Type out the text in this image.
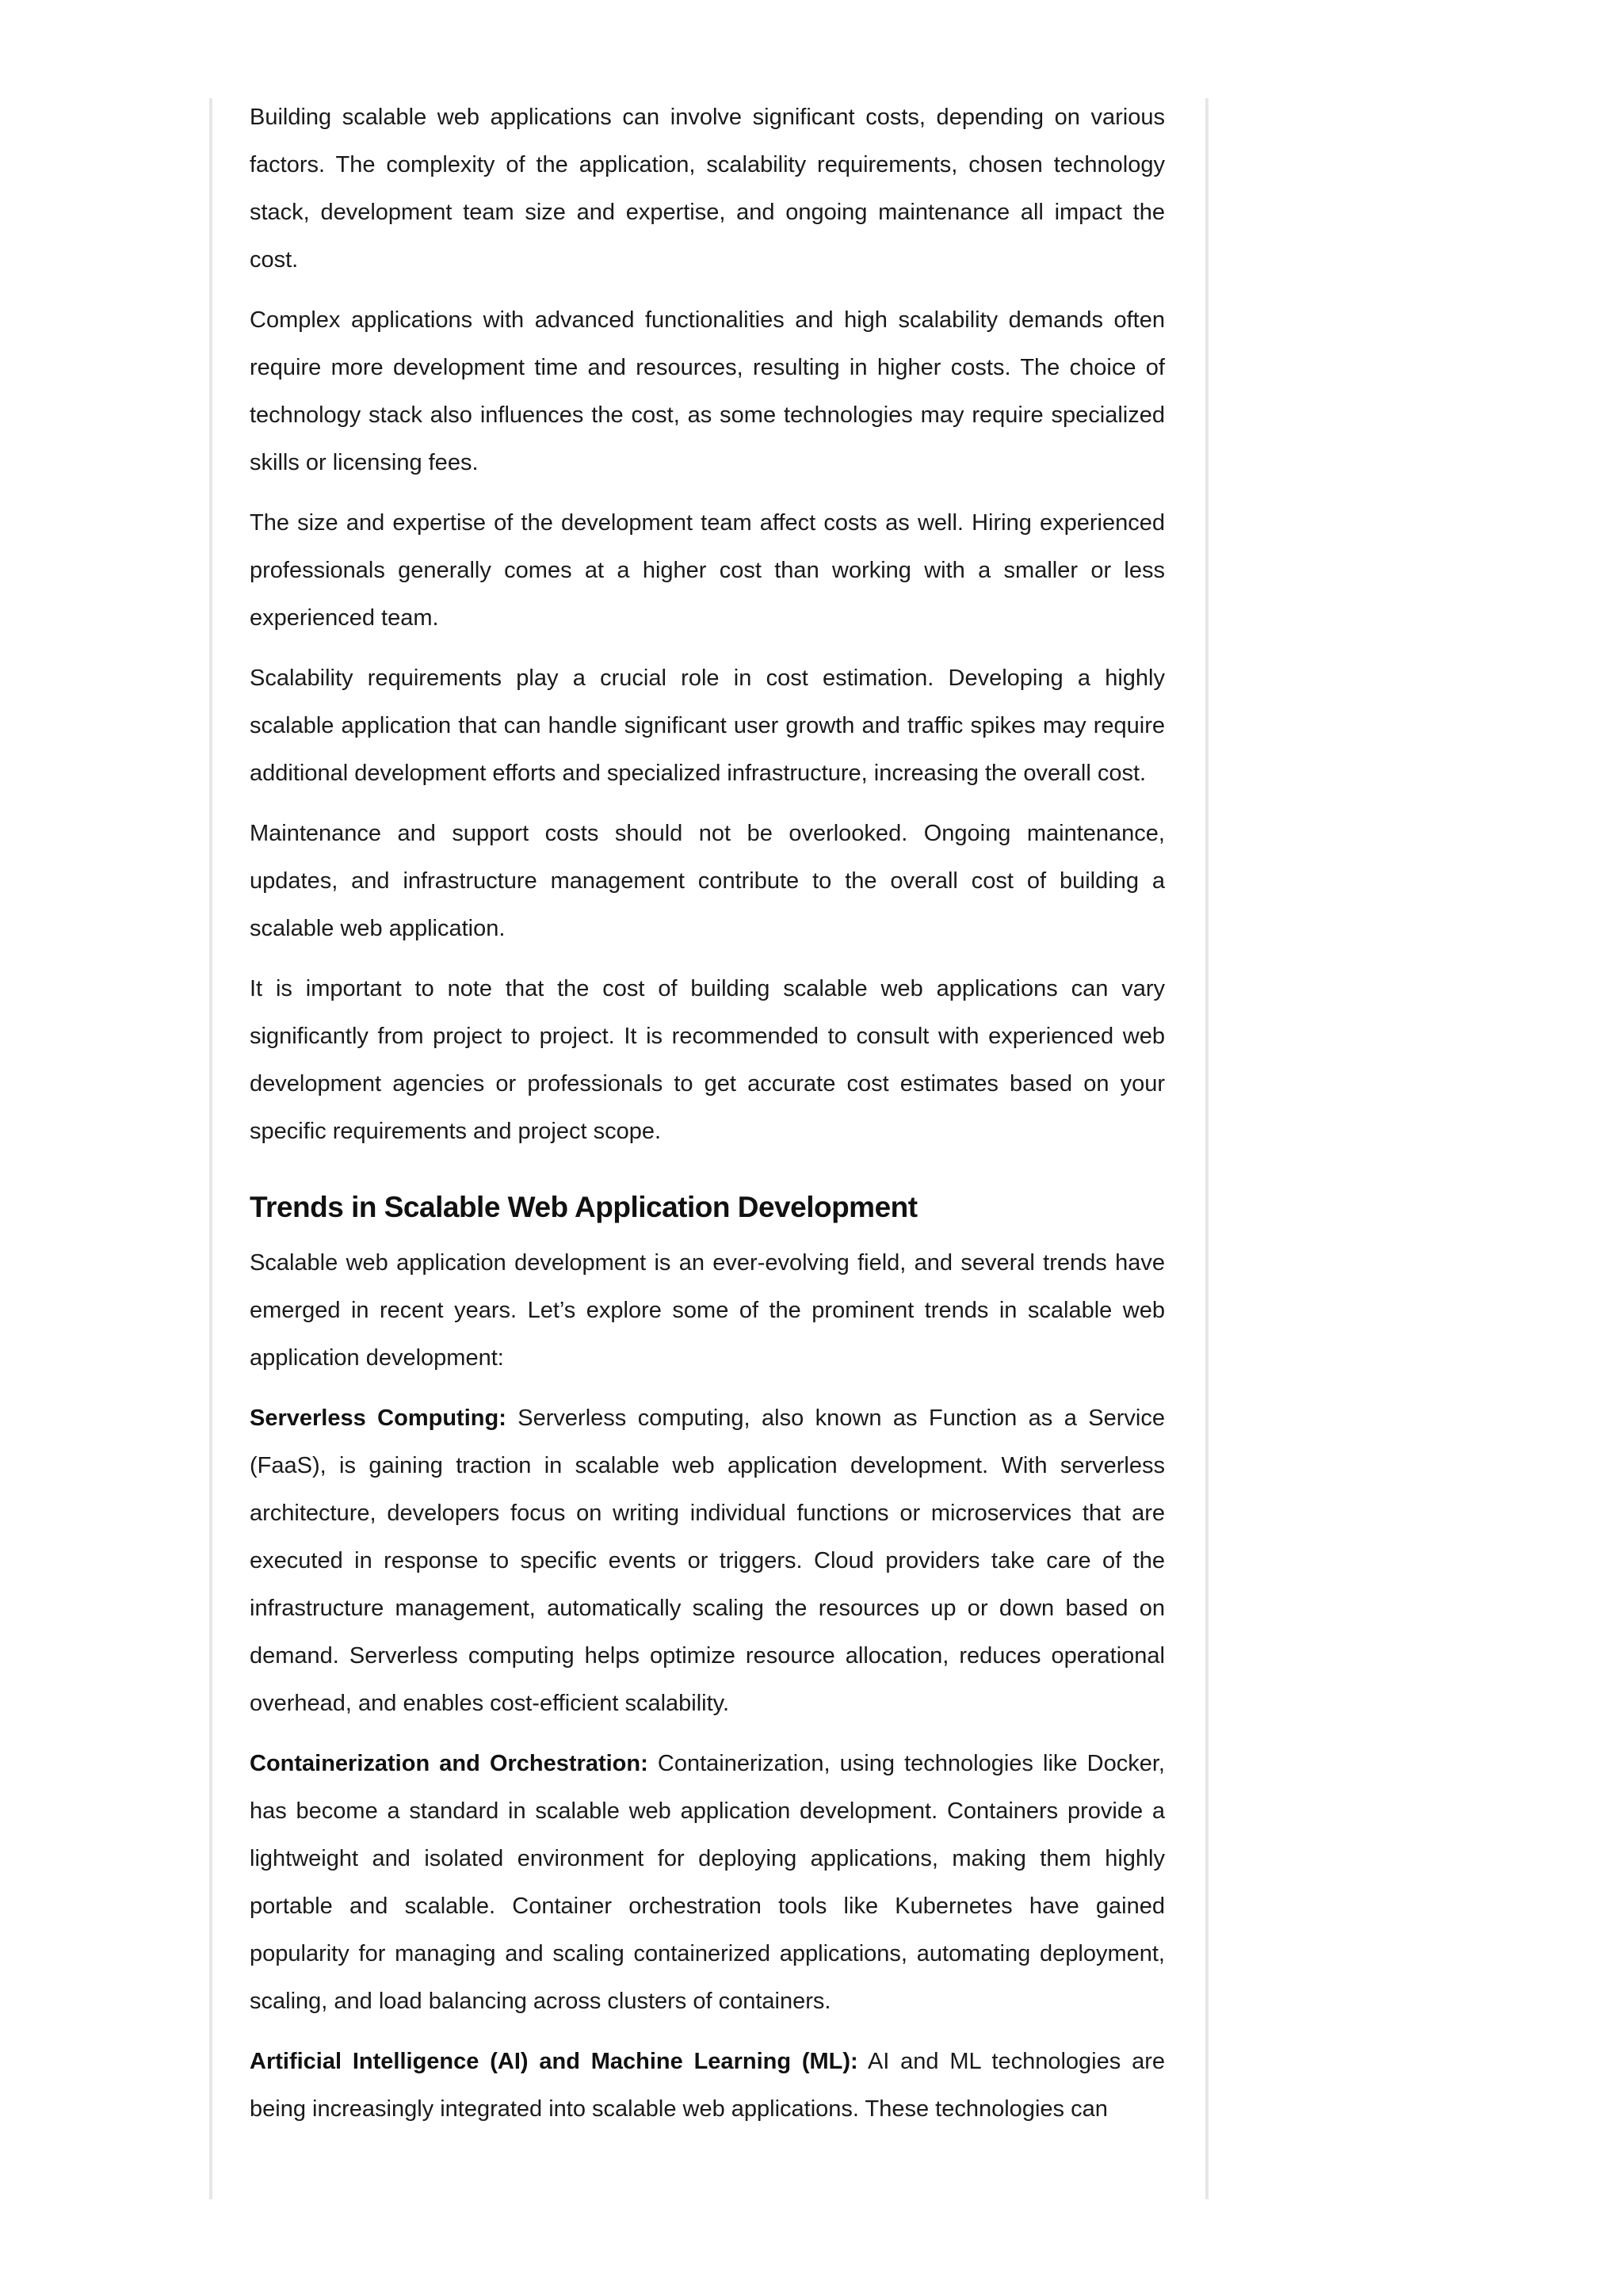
Building scalable web applications can involve significant costs, depending on various factors. The complexity of the application, scalability requirements, chosen technology stack, development team size and expertise, and ongoing maintenance all impact the cost.

Complex applications with advanced functionalities and high scalability demands often require more development time and resources, resulting in higher costs. The choice of technology stack also influences the cost, as some technologies may require specialized skills or licensing fees.

The size and expertise of the development team affect costs as well. Hiring experienced professionals generally comes at a higher cost than working with a smaller or less experienced team.

Scalability requirements play a crucial role in cost estimation. Developing a highly scalable application that can handle significant user growth and traffic spikes may require additional development efforts and specialized infrastructure, increasing the overall cost.

Maintenance and support costs should not be overlooked. Ongoing maintenance, updates, and infrastructure management contribute to the overall cost of building a scalable web application.

It is important to note that the cost of building scalable web applications can vary significantly from project to project. It is recommended to consult with experienced web development agencies or professionals to get accurate cost estimates based on your specific requirements and project scope.

Trends in Scalable Web Application Development

Scalable web application development is an ever-evolving field, and several trends have emerged in recent years. Let’s explore some of the prominent trends in scalable web application development:

Serverless Computing: Serverless computing, also known as Function as a Service (FaaS), is gaining traction in scalable web application development. With serverless architecture, developers focus on writing individual functions or microservices that are executed in response to specific events or triggers. Cloud providers take care of the infrastructure management, automatically scaling the resources up or down based on demand. Serverless computing helps optimize resource allocation, reduces operational overhead, and enables cost-efficient scalability.

Containerization and Orchestration: Containerization, using technologies like Docker, has become a standard in scalable web application development. Containers provide a lightweight and isolated environment for deploying applications, making them highly portable and scalable. Container orchestration tools like Kubernetes have gained popularity for managing and scaling containerized applications, automating deployment, scaling, and load balancing across clusters of containers.

Artificial Intelligence (AI) and Machine Learning (ML): AI and ML technologies are being increasingly integrated into scalable web applications. These technologies can
